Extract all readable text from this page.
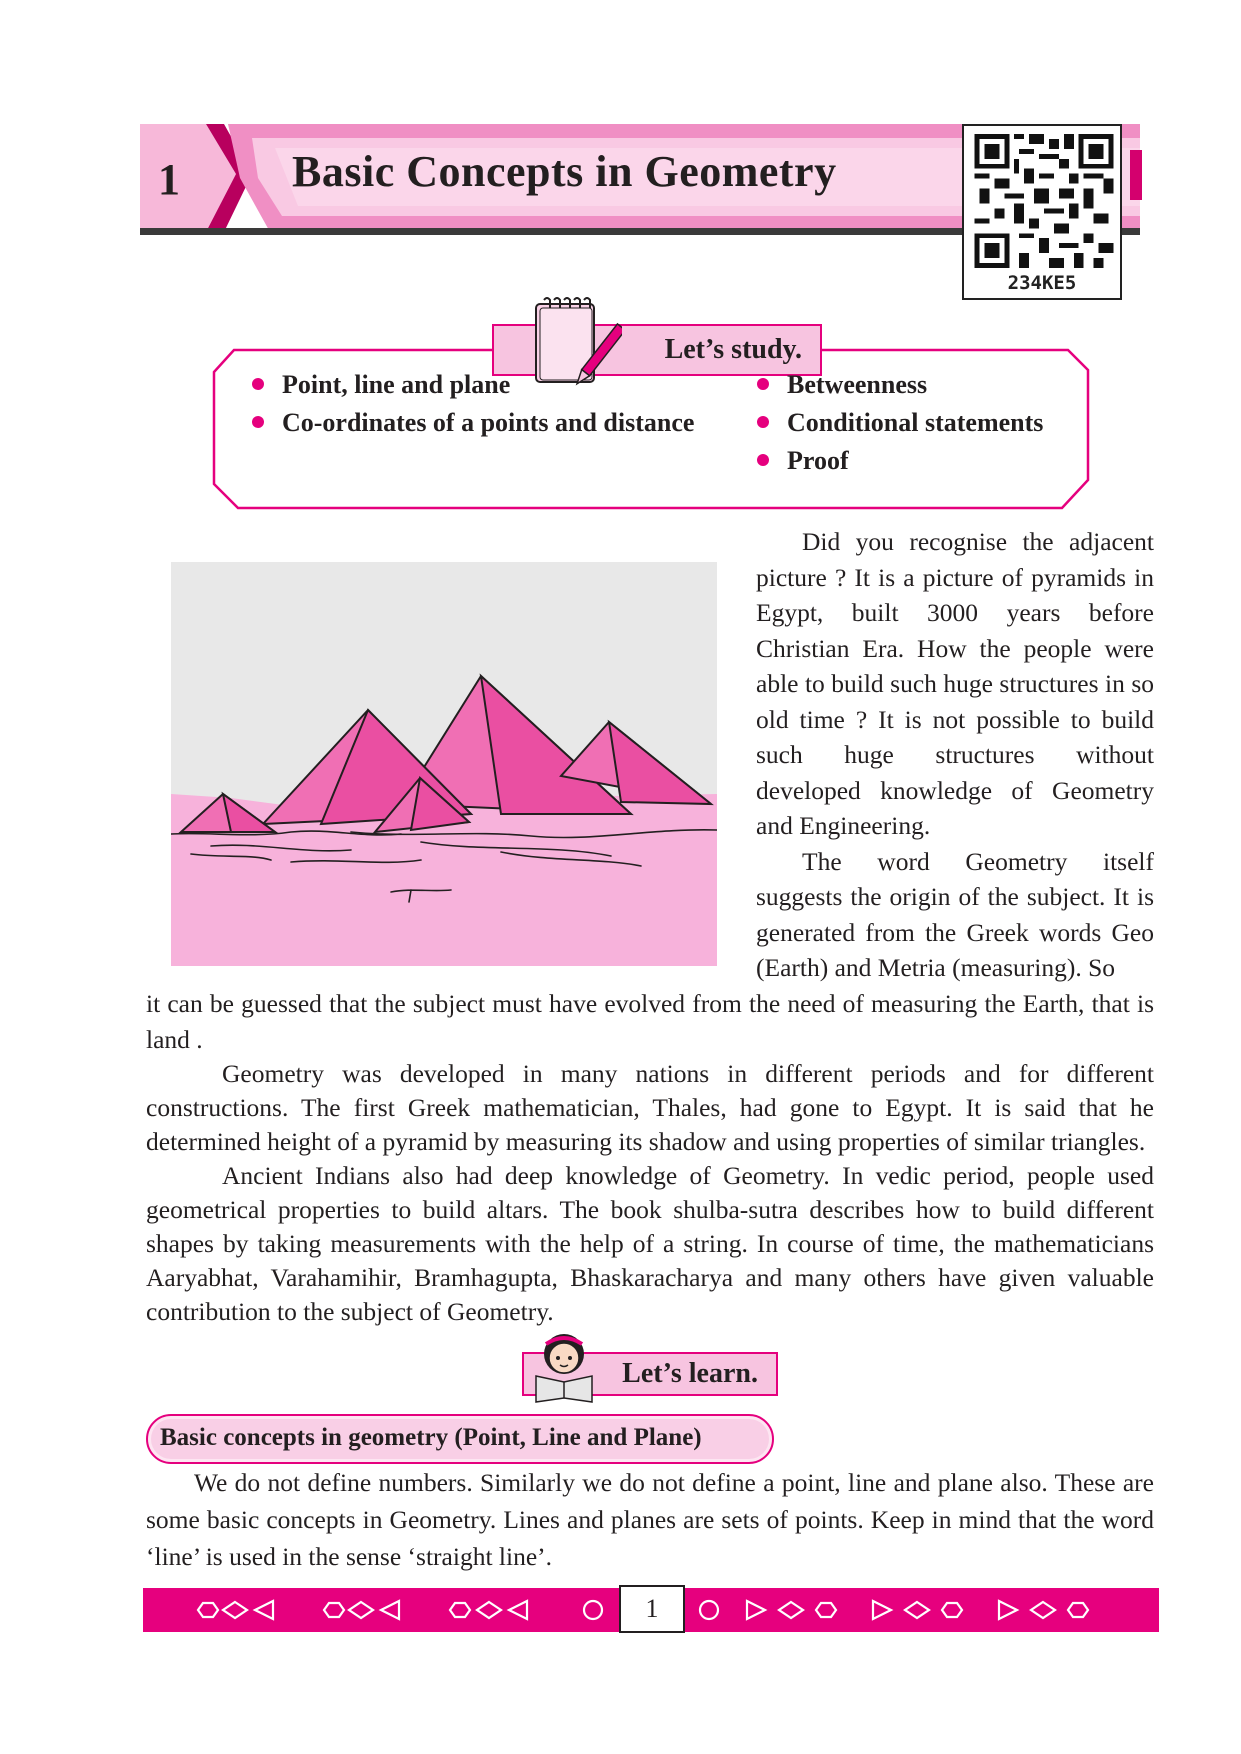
1	Basic Concepts in Geometry
234KE5
Let’s study.
Point, line and plane
Co-ordinates of a points and distance
Betweenness
Conditional statements
Proof

Did you recognise the adjacent picture ? It is a picture of pyramids in Egypt, built 3000 years before Christian Era. How the people were able to build such huge structures in so old time ? It is not possible to build such huge structures without developed knowledge of Geometry and Engineering.

The word Geometry itself suggests the origin of the subject. It is generated from the Greek words Geo (Earth) and Metria (measuring). So

it can be guessed that the subject must have evolved from the need of measuring the Earth, that is land .

Geometry was developed in many nations in different periods and for different constructions. The first Greek mathematician, Thales, had gone to Egypt. It is said that he determined height of a pyramid by measuring its shadow and using properties of similar triangles.

Ancient Indians also had deep knowledge of Geometry. In vedic period, people used geometrical properties to build altars. The book shulba-sutra describes how to build different shapes by taking measurements with the help of a string. In course of time, the mathematicians Aaryabhat, Varahamihir, Bramhagupta, Bhaskaracharya and many others have given valuable contribution to the subject of Geometry.

Let’s learn.
Basic concepts in geometry (Point, Line and Plane)

We do not define numbers. Similarly we do not define a point, line and plane also. These are some basic concepts in Geometry. Lines and planes are sets of points. Keep in mind that the word ‘line’ is used in the sense ‘straight line’.

1
